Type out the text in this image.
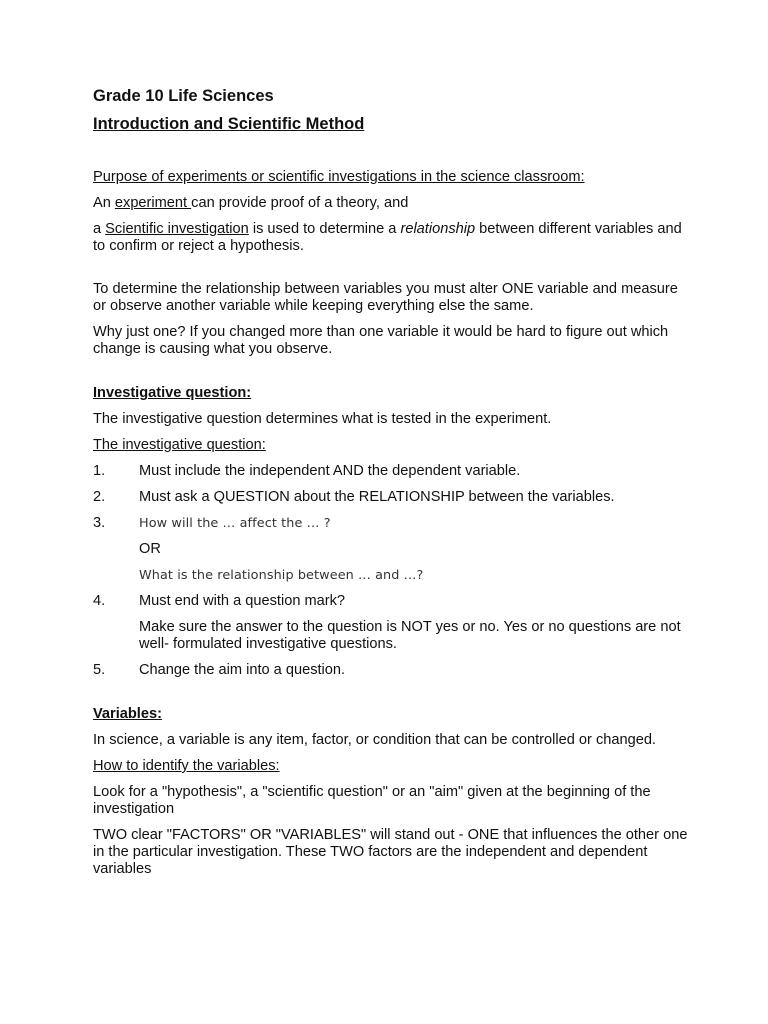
Grade 10 Life Sciences

Introduction and Scientific Method

Purpose of experiments or scientific investigations in the science classroom:

An experiment can provide proof of a theory, and

a Scientific investigation is used to determine a relationship between different variables and to confirm or reject a hypothesis.

To determine the relationship between variables you must alter ONE variable and measure or observe another variable while keeping everything else the same.

Why just one? If you changed more than one variable it would be hard to figure out which change is causing what you observe.

Investigative question:

The investigative question determines what is tested in the experiment.

The investigative question:

1.	Must include the independent AND the dependent variable.
2.	Must ask a QUESTION about the RELATIONSHIP between the variables.
3.	How will the … affect the … ?

OR

What is the relationship between … and …?

4.	Must end with a question mark?

Make sure the answer to the question is NOT yes or no. Yes or no questions are not well- formulated investigative questions.

5.	Change the aim into a question.

Variables:

In science, a variable is any item, factor, or condition that can be controlled or changed.

How to identify the variables:

Look for a "hypothesis", a "scientific question" or an "aim" given at the beginning of the investigation

TWO clear "FACTORS" OR "VARIABLES" will stand out - ONE that influences the other one in the particular investigation. These TWO factors are the independent and dependent variables
